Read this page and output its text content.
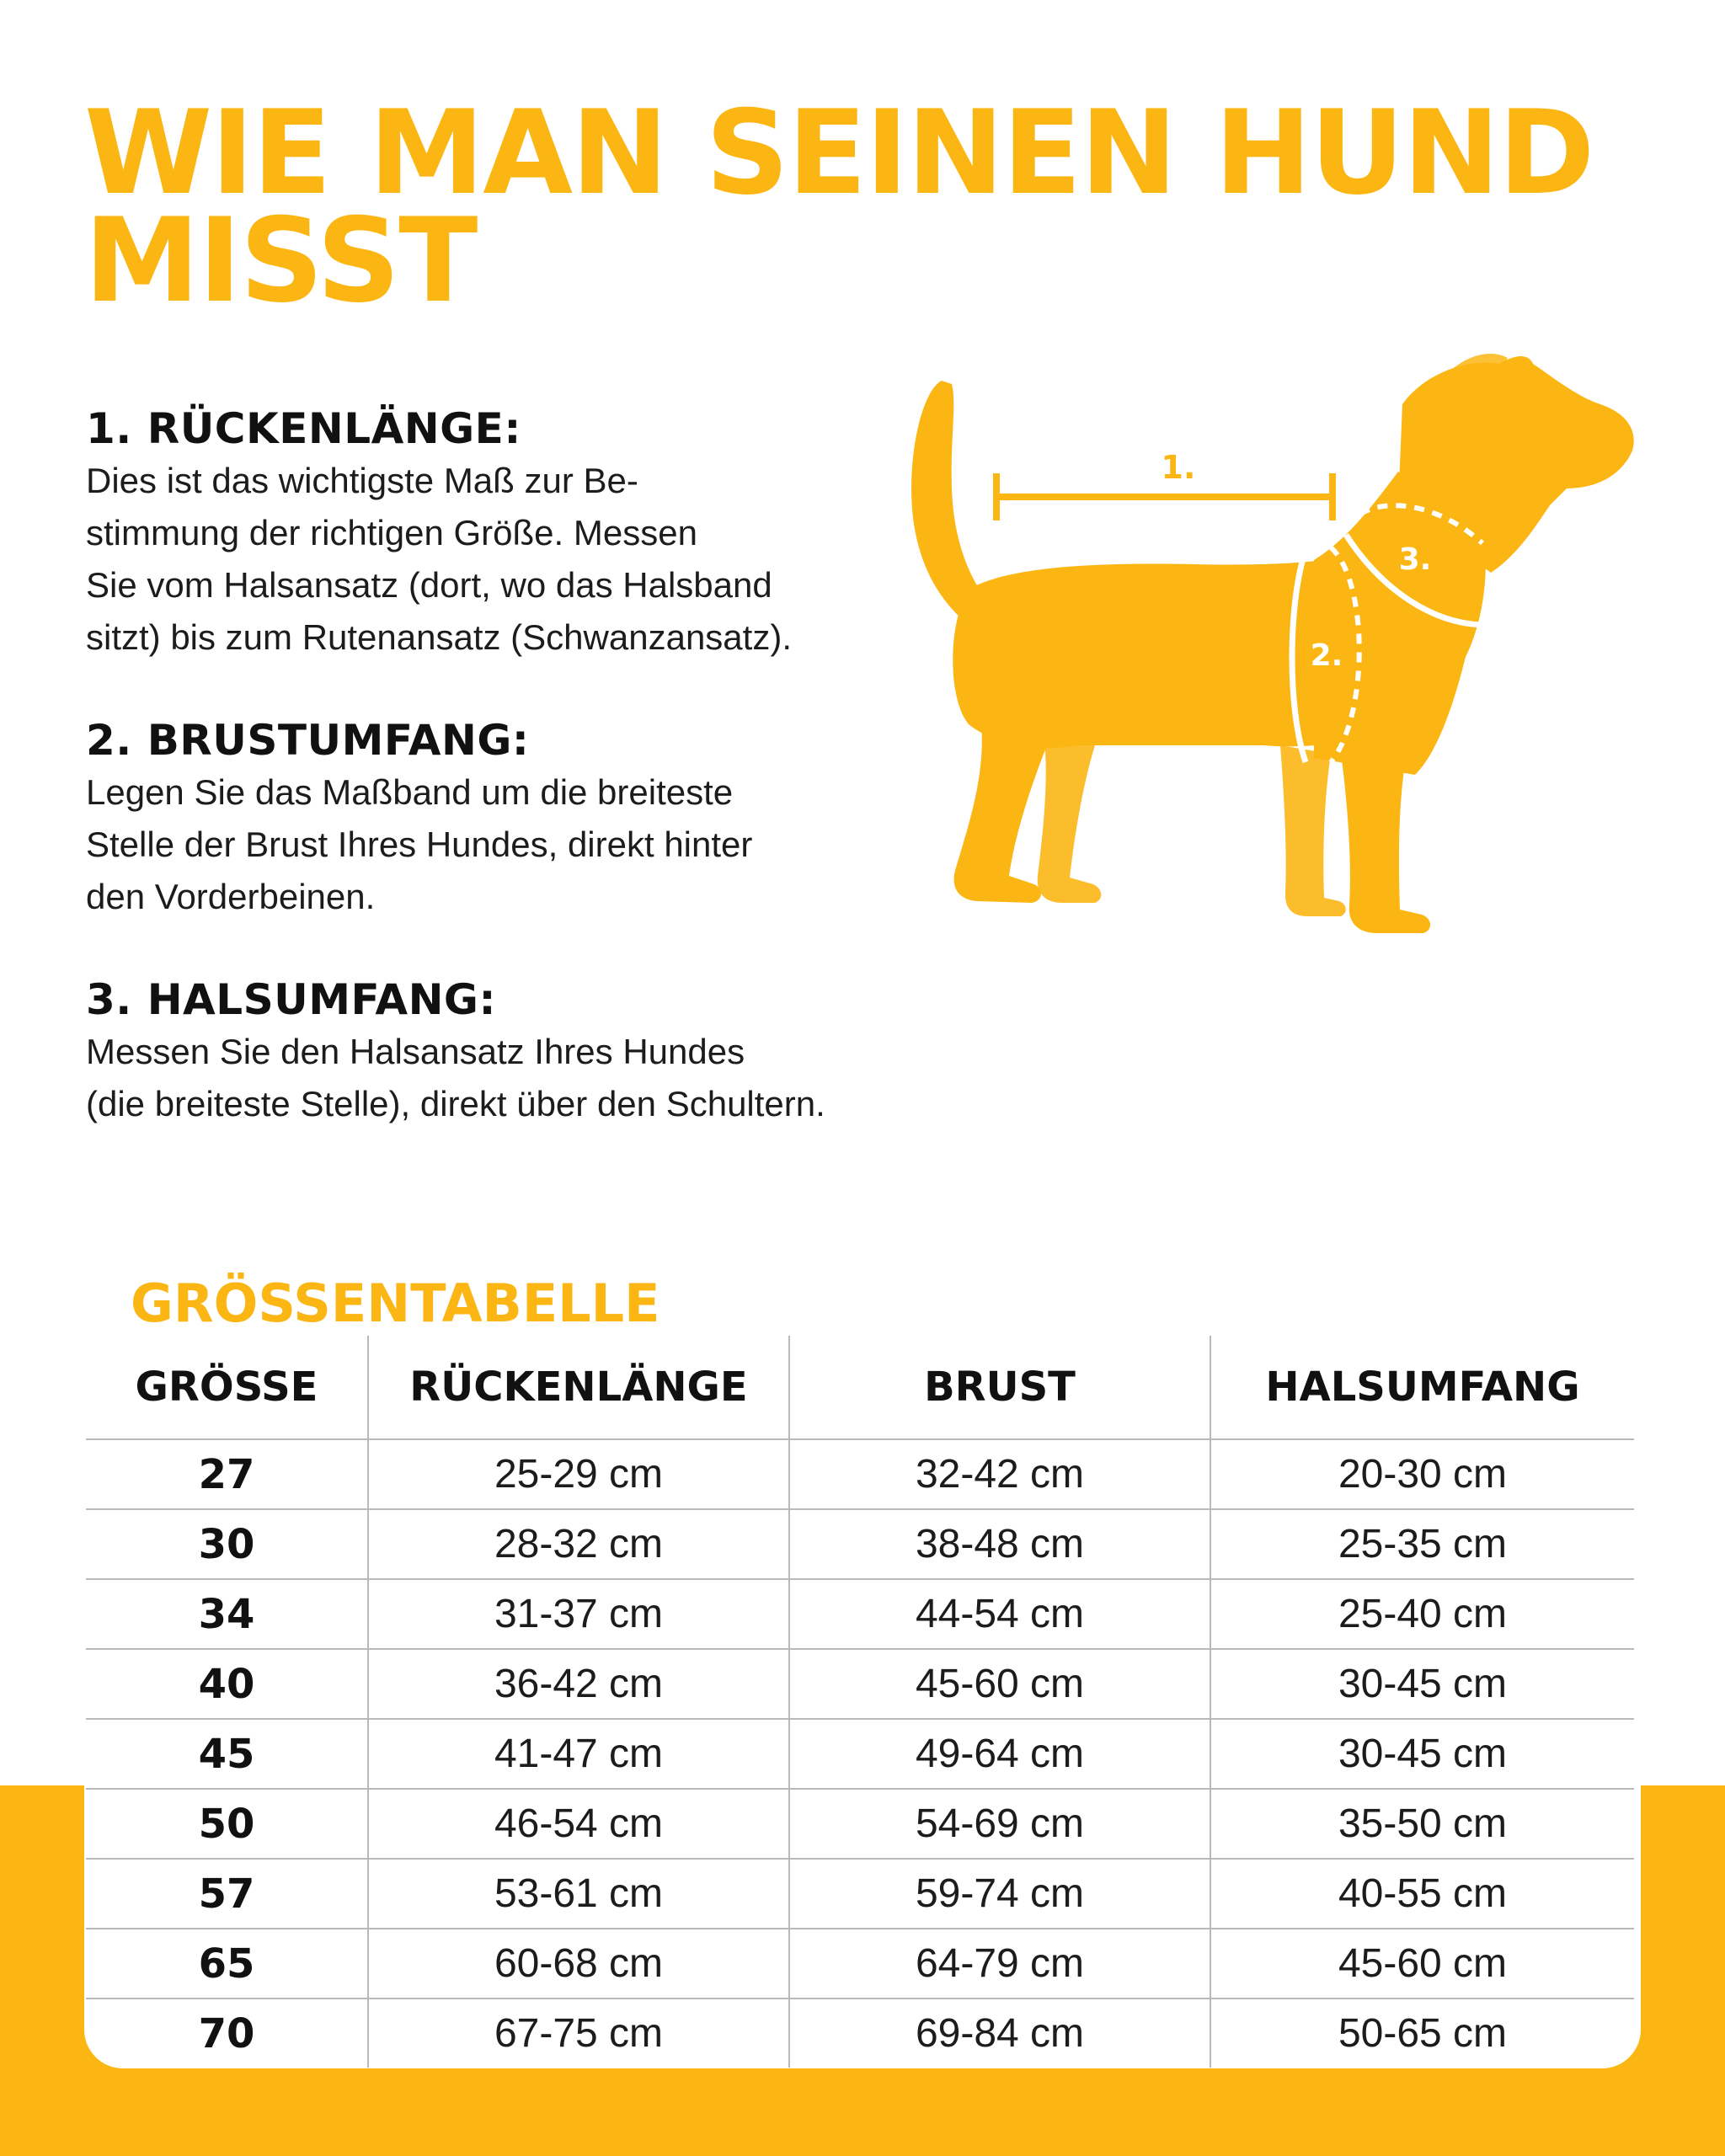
WIE MAN SEINEN HUND MISST
1. RÜCKENLÄNGE:

Dies ist das wichtigste Maß zur Be-
stimmung der richtigen Größe. Messen
Sie vom Halsansatz (dort, wo das Halsband
sitzt) bis zum Rutenansatz (Schwanzansatz).

2. BRUSTUMFANG:

Legen Sie das Maßband um die breiteste
Stelle der Brust Ihres Hundes, direkt hinter
den Vorderbeinen.

3. HALSUMFANG:

Messen Sie den Halsansatz Ihres Hundes
(die breiteste Stelle), direkt über den Schultern.

1.
2.
3.
GRÖSSENTABELLE
GRÖSSE	RÜCKENLÄNGE	BRUST	HALSUMFANG
27	25-29 cm	32-42 cm	20-30 cm
30	28-32 cm	38-48 cm	25-35 cm
34	31-37 cm	44-54 cm	25-40 cm
40	36-42 cm	45-60 cm	30-45 cm
45	41-47 cm	49-64 cm	30-45 cm
50	46-54 cm	54-69 cm	35-50 cm
57	53-61 cm	59-74 cm	40-55 cm
65	60-68 cm	64-79 cm	45-60 cm
70	67-75 cm	69-84 cm	50-65 cm
